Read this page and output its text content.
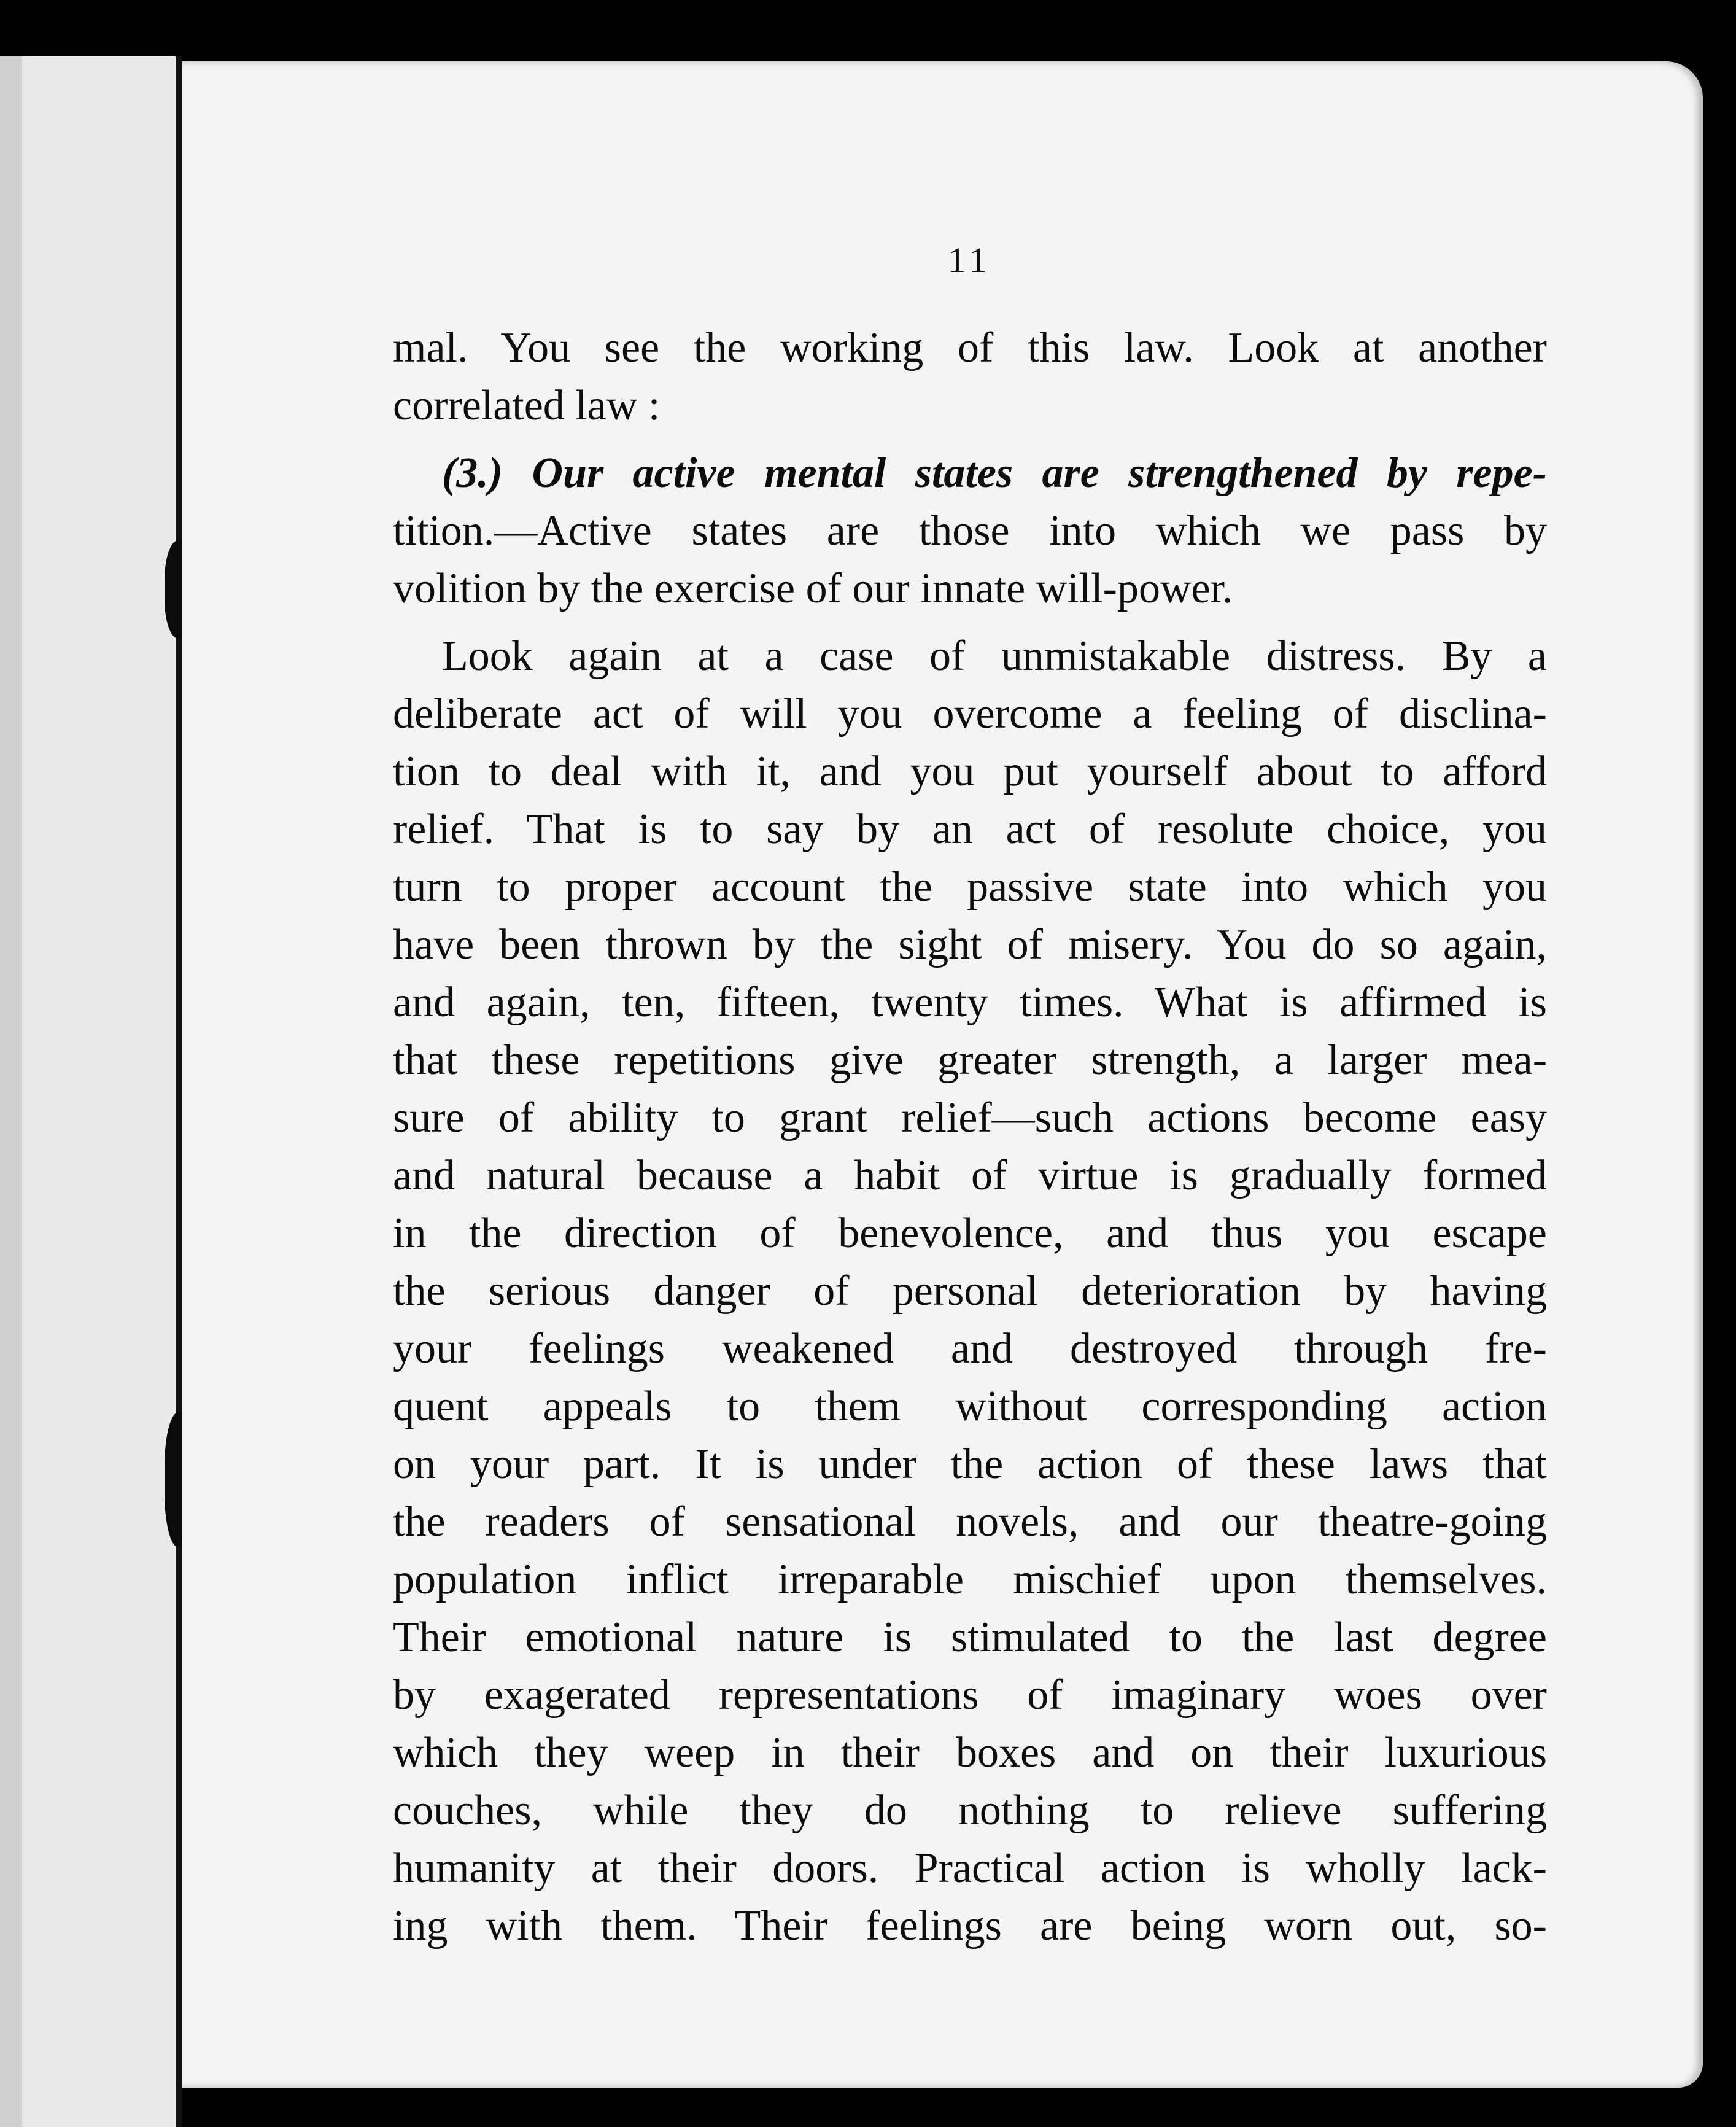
11
mal. You see the working of this law. Look at another
correlated law :
(3.) Our active mental states are strengthened by repe-
tition.—Active states are those into which we pass by
volition by the exercise of our innate will-power.
Look again at a case of unmistakable distress. By a
deliberate act of will you overcome a feeling of disclina-
tion to deal with it, and you put yourself about to afford
relief. That is to say by an act of resolute choice, you
turn to proper account the passive state into which you
have been thrown by the sight of misery. You do so again,
and again, ten, fifteen, twenty times. What is affirmed is
that these repetitions give greater strength, a larger mea-
sure of ability to grant relief—such actions become easy
and natural because a habit of virtue is gradually formed
in the direction of benevolence, and thus you escape
the serious danger of personal deterioration by having
your feelings weakened and destroyed through fre-
quent appeals to them without corresponding action
on your part. It is under the action of these laws that
the readers of sensational novels, and our theatre-going
population inflict irreparable mischief upon themselves.
Their emotional nature is stimulated to the last degree
by exagerated representations of imaginary woes over
which they weep in their boxes and on their luxurious
couches, while they do nothing to relieve suffering
humanity at their doors. Practical action is wholly lack-
ing with them. Their feelings are being worn out, so-
